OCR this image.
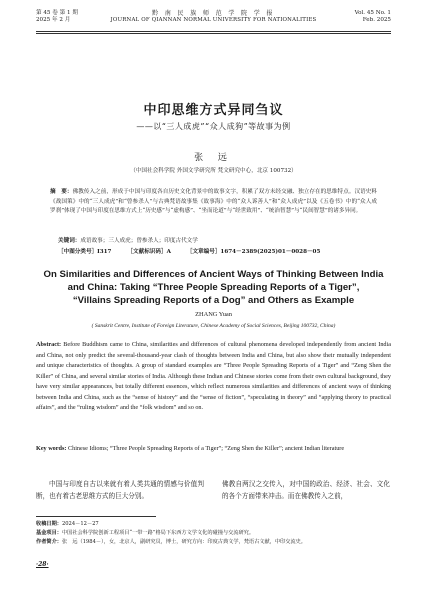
第 45 卷 第 1 期
2025 年 2 月
黔 南 民 族 师 范 学 院 学 报
JOURNAL OF QIANNAN NORMAL UNIVERSITY FOR NATIONALITIES
Vol. 45 No. 1
Feb. 2025
中印思维方式异同刍议
——以“三人成虎”“众人成狗”等故事为例
张 远
（中国社会科学院 外国文学研究所 梵文研究中心，北京 100732）
摘　要：佛教传入之前，形成于中国与印度各自历史文化背景中的故事文字，积累了双方未经交融、独立存在的思维特点。汉语史料《战国策》中的“三人成虎”和“曾参杀人”与古典梵语故事集《故事海》中的“众人诉善人”和“众人成虎”以及《五卷书》中的“众人成罗刹”体现了中国与印度在思维方式上“历史感”与“虚构感”、“坐而论道”与“经世致用”、“统治智慧”与“民间智慧”的诸多异同。
关键词：成语故事；三人成虎；曾参杀人；印度古代文学
［中图分类号］I317	［文献标识码］A	［文章编号］1674－2389(2025)01－0028－05
On Similarities and Differences of Ancient Ways of Thinking Between India
and China: Taking “Three People Spreading Reports of a Tiger”,
“Villains Spreading Reports of a Dog” and Others as Example
ZHANG Yuan
( Sanskrit Centre, Institute of Foreign Literature, Chinese Academy of Social Sciences, Beijing 100732, China)
Abstract: Before Buddhism came to China, similarities and differences of cultural phenomena developed independently from ancient India and China, not only predict the several-thousand-year clash of thoughts between India and China, but also show their mutually independent and unique characteristics of thoughts. A group of standard examples are “Three People Spreading Reports of a Tiger” and “Zeng Shen the Killer” of China, and several similar stories of India. Although these Indian and Chinese stories come from their own cultural background, they have very similar appearances, but totally different essences, which reflect numerous similarities and differences of ancient ways of thinking between India and China, such as the “sense of history” and the “sense of fiction”, “speculating in theory” and “applying theory to practical affairs”, and the “ruling wisdom” and the “folk wisdom” and so on.
Key words: Chinese Idioms; “Three People Spreading Reports of a Tiger”; “Zeng Shen the Killer”; ancient Indian literature
中国与印度自古以来就有着人类共通的情感与价值判断，也有着古老思维方式的巨大分别。
佛教自两汉之交传入，对中国的政治、经济、社会、文化的各个方面带来冲击。而在佛教传入之前，
收稿日期：2024－12－27
基金项目：中国社会科学院创新工程项目“一带一路”格局下东西方文学文化的碰撞与交流研究。
作者简介：张　远（1984－），女，北京人，副研究员，博士，研究方向：印度古典文学，梵语古文献，中印交流史。
·28·
